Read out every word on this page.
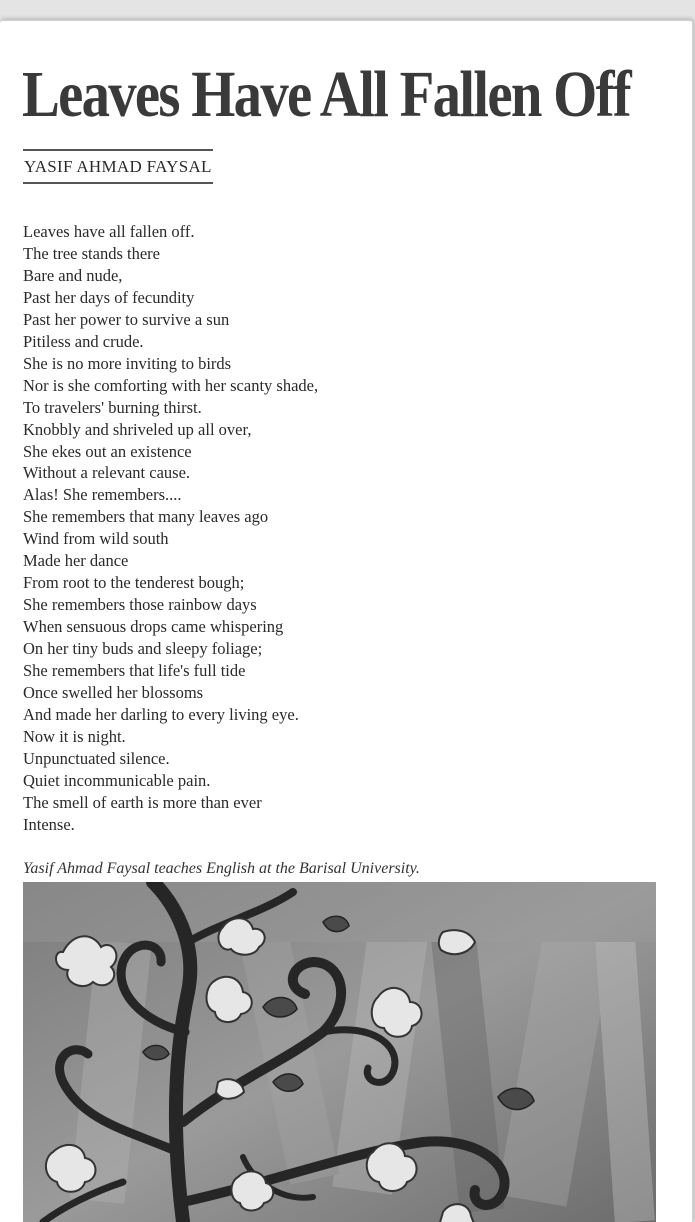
Leaves Have All Fallen Off
YASIF AHMAD FAYSAL
Leaves have all fallen off.
The tree stands there
Bare and nude,
Past her days of fecundity
Past her power to survive a sun
Pitiless and crude.
She is no more inviting to birds
Nor is she comforting with her scanty shade,
To travelers' burning thirst.
Knobbly and shriveled up all over,
She ekes out an existence
Without a relevant cause.
Alas! She remembers....
She remembers that many leaves ago
Wind from wild south
Made her dance
From root to the tenderest bough;
She remembers those rainbow days
When sensuous drops came whispering
On her tiny buds and sleepy foliage;
She remembers that life's full tide
Once swelled her blossoms
And made her darling to every living eye.
Now it is night.
Unpunctuated silence.
Quiet incommunicable pain.
The smell of earth is more than ever
Intense.
Yasif Ahmad Faysal teaches English at the Barisal University.
